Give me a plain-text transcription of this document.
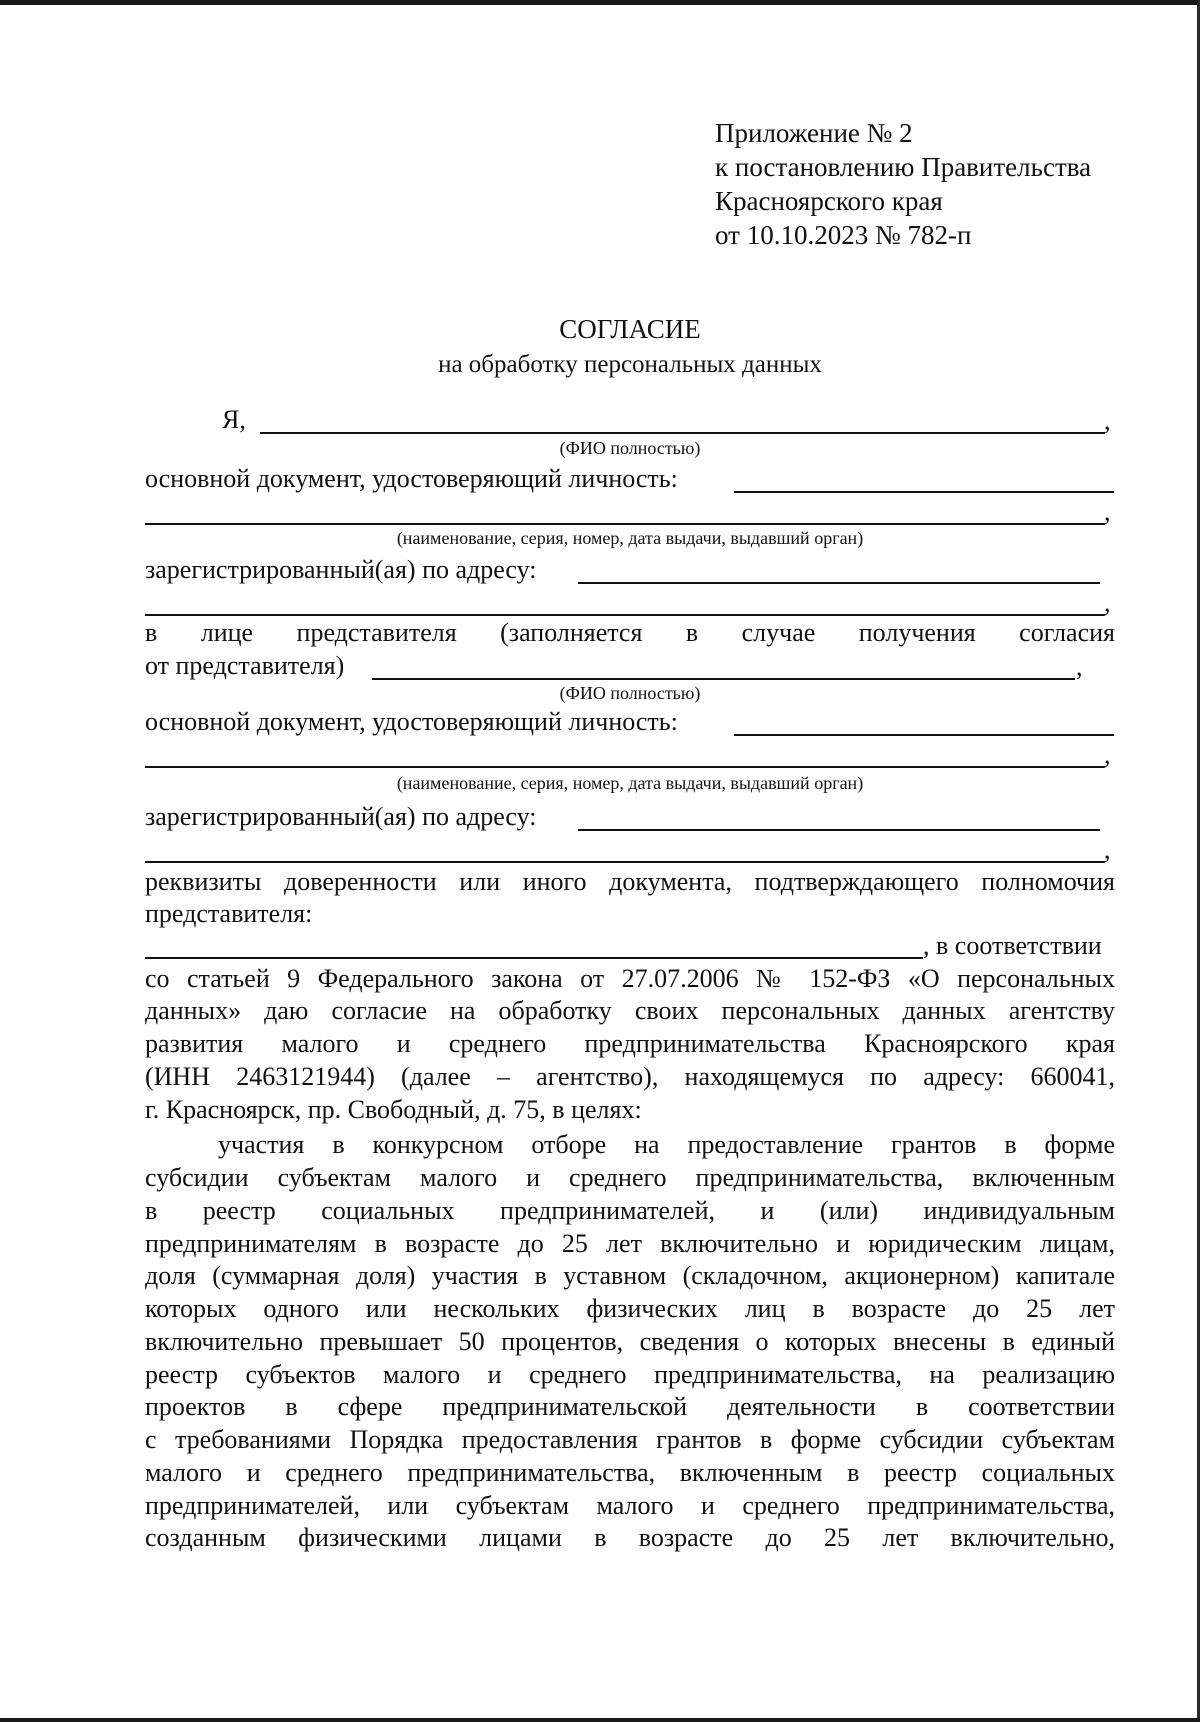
Приложение № 2
к постановлению Правительства
Красноярского края
от 10.10.2023 № 782-п
СОГЛАСИЕ
на обработку персональных данных
Я,	,
(ФИО полностью)
основной документ, удостоверяющий личность:
,
(наименование, серия, номер, дата выдачи, выдавший орган)
зарегистрированный(ая) по адресу:
,
в лице представителя (заполняется в случае получения согласия
от представителя)	,
(ФИО полностью)
основной документ, удостоверяющий личность:
,
(наименование, серия, номер, дата выдачи, выдавший орган)
зарегистрированный(ая) по адресу:
,
реквизиты доверенности или иного документа, подтверждающего полномочия
представителя:
, в соответствии
со статьей 9 Федерального закона от 27.07.2006 № 152-ФЗ «О персональных
данных» даю согласие на обработку своих персональных данных агентству
развития малого и среднего предпринимательства Красноярского края
(ИНН 2463121944) (далее – агентство), находящемуся по адресу: 660041,
г. Красноярск, пр. Свободный, д. 75, в целях:
участия в конкурсном отборе на предоставление грантов в форме
субсидии субъектам малого и среднего предпринимательства, включенным
в реестр социальных предпринимателей, и (или) индивидуальным
предпринимателям в возрасте до 25 лет включительно и юридическим лицам,
доля (суммарная доля) участия в уставном (складочном, акционерном) капитале
которых одного или нескольких физических лиц в возрасте до 25 лет
включительно превышает 50 процентов, сведения о которых внесены в единый
реестр субъектов малого и среднего предпринимательства, на реализацию
проектов в сфере предпринимательской деятельности в соответствии
с требованиями Порядка предоставления грантов в форме субсидии субъектам
малого и среднего предпринимательства, включенным в реестр социальных
предпринимателей, или субъектам малого и среднего предпринимательства,
созданным физическими лицами в возрасте до 25 лет включительно,
